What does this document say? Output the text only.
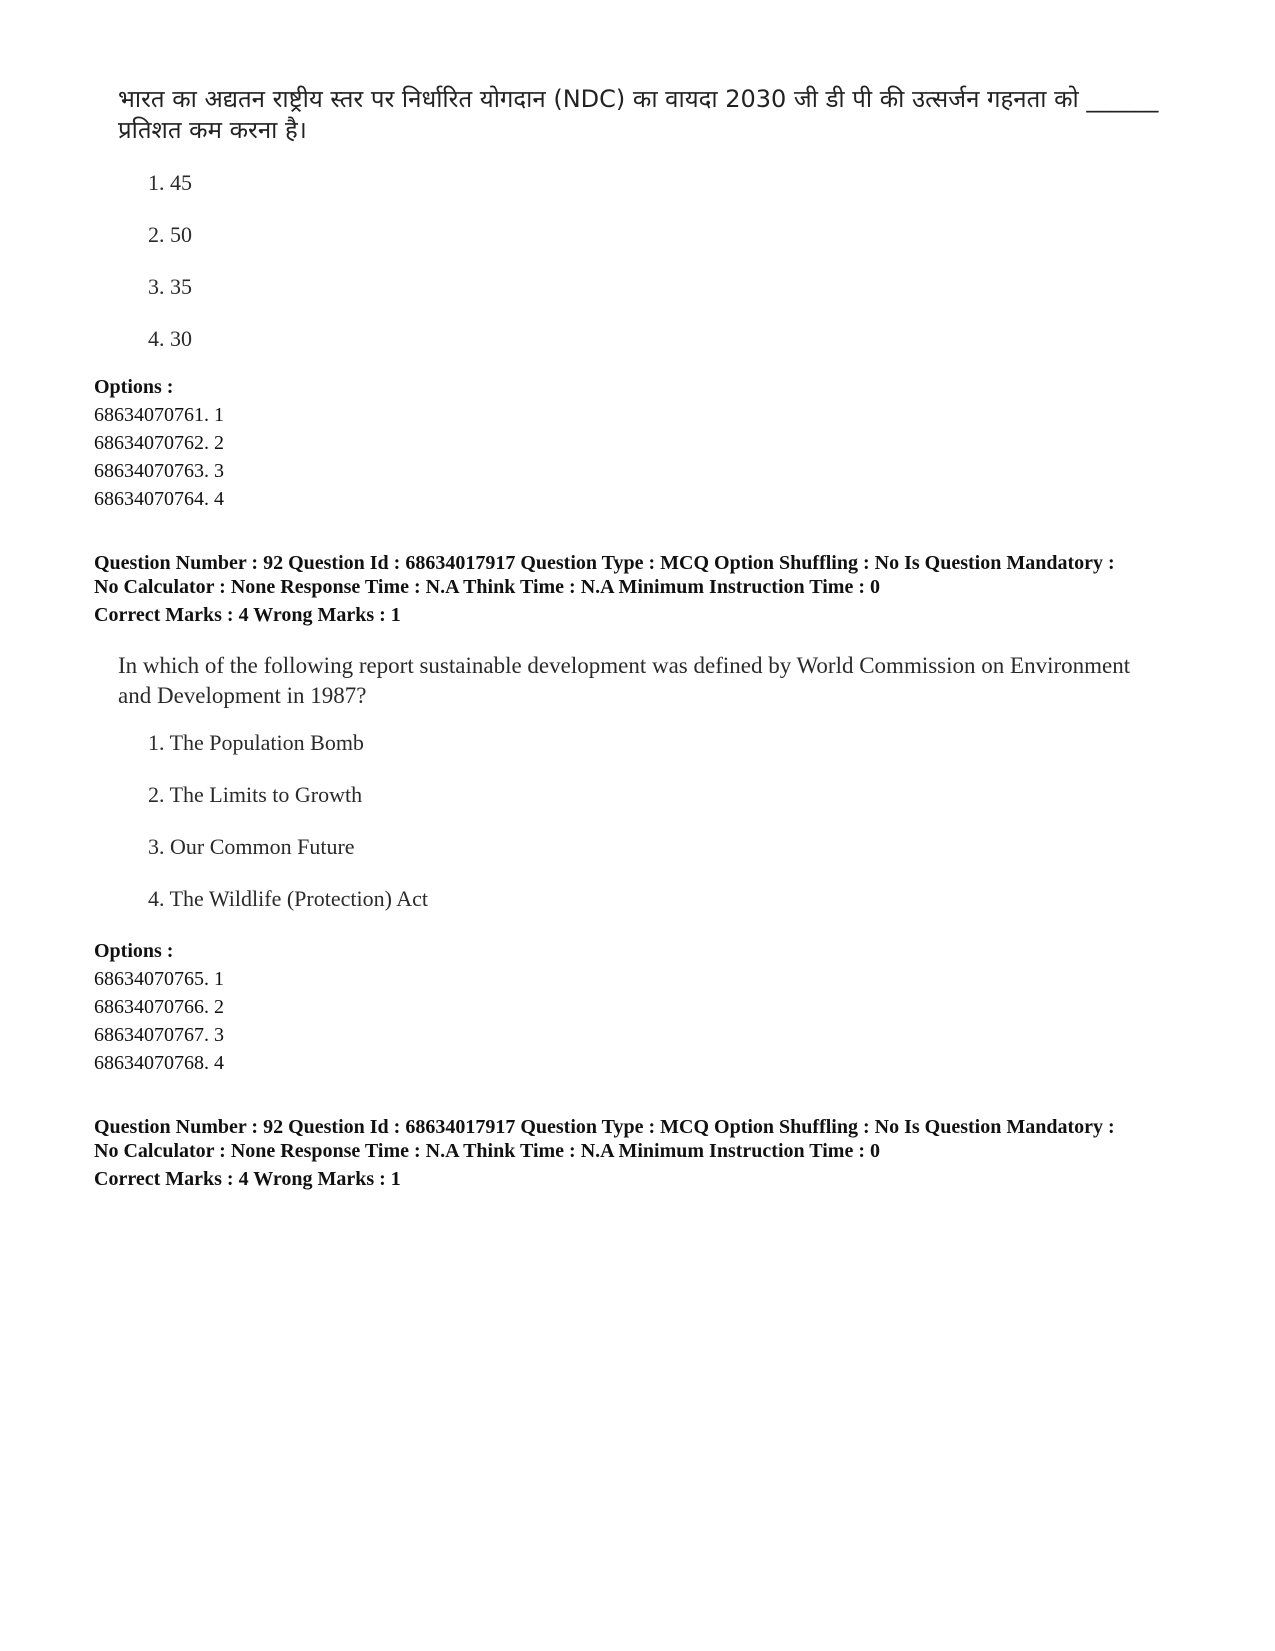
भारत का अद्यतन राष्ट्रीय स्तर पर निर्धारित योगदान (NDC) का वायदा 2030 जी डी पी की उत्सर्जन गहनता को ______ प्रतिशत कम करना है।
1. 45
2. 50
3. 35
4. 30
Options :
68634070761. 1
68634070762. 2
68634070763. 3
68634070764. 4
Question Number : 92 Question Id : 68634017917 Question Type : MCQ Option Shuffling : No Is Question Mandatory :
No Calculator : None Response Time : N.A Think Time : N.A Minimum Instruction Time : 0
Correct Marks : 4 Wrong Marks : 1
In which of the following report sustainable development was defined by World Commission on Environment and Development in 1987?
1. The Population Bomb
2. The Limits to Growth
3. Our Common Future
4. The Wildlife (Protection) Act
Options :
68634070765. 1
68634070766. 2
68634070767. 3
68634070768. 4
Question Number : 92 Question Id : 68634017917 Question Type : MCQ Option Shuffling : No Is Question Mandatory :
No Calculator : None Response Time : N.A Think Time : N.A Minimum Instruction Time : 0
Correct Marks : 4 Wrong Marks : 1
